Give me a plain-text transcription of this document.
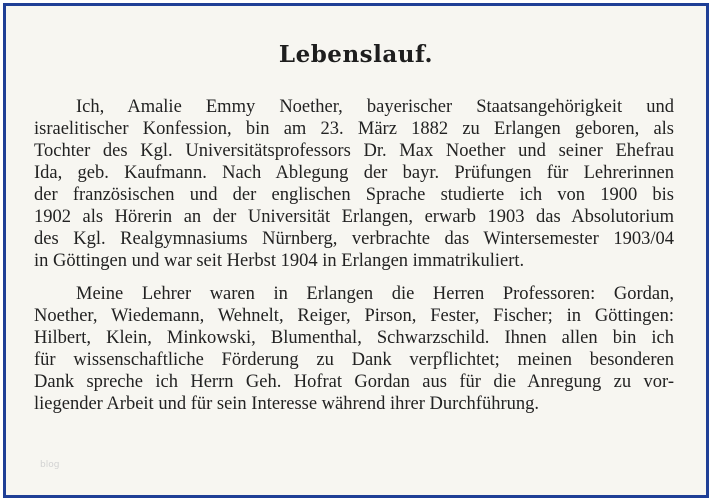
Lebenslauf.
Ich, Amalie Emmy Noether, bayerischer Staatsangehörigkeit und
israelitischer Konfession, bin am 23. März 1882 zu Erlangen geboren, als
Tochter des Kgl. Universitätsprofessors Dr. Max Noether und seiner Ehefrau
Ida, geb. Kaufmann. Nach Ablegung der bayr. Prüfungen für Lehrerinnen
der französischen und der englischen Sprache studierte ich von 1900 bis
1902 als Hörerin an der Universität Erlangen, erwarb 1903 das Absolutorium
des Kgl. Realgymnasiums Nürnberg, verbrachte das Wintersemester 1903/04
in Göttingen und war seit Herbst 1904 in Erlangen immatrikuliert.
Meine Lehrer waren in Erlangen die Herren Professoren: Gordan,
Noether, Wiedemann, Wehnelt, Reiger, Pirson, Fester, Fischer; in Göttingen:
Hilbert, Klein, Minkowski, Blumenthal, Schwarzschild. Ihnen allen bin ich
für wissenschaftliche Förderung zu Dank verpflichtet; meinen besonderen
Dank spreche ich Herrn Geh. Hofrat Gordan aus für die Anregung zu vor-
liegender Arbeit und für sein Interesse während ihrer Durchführung.
blog
